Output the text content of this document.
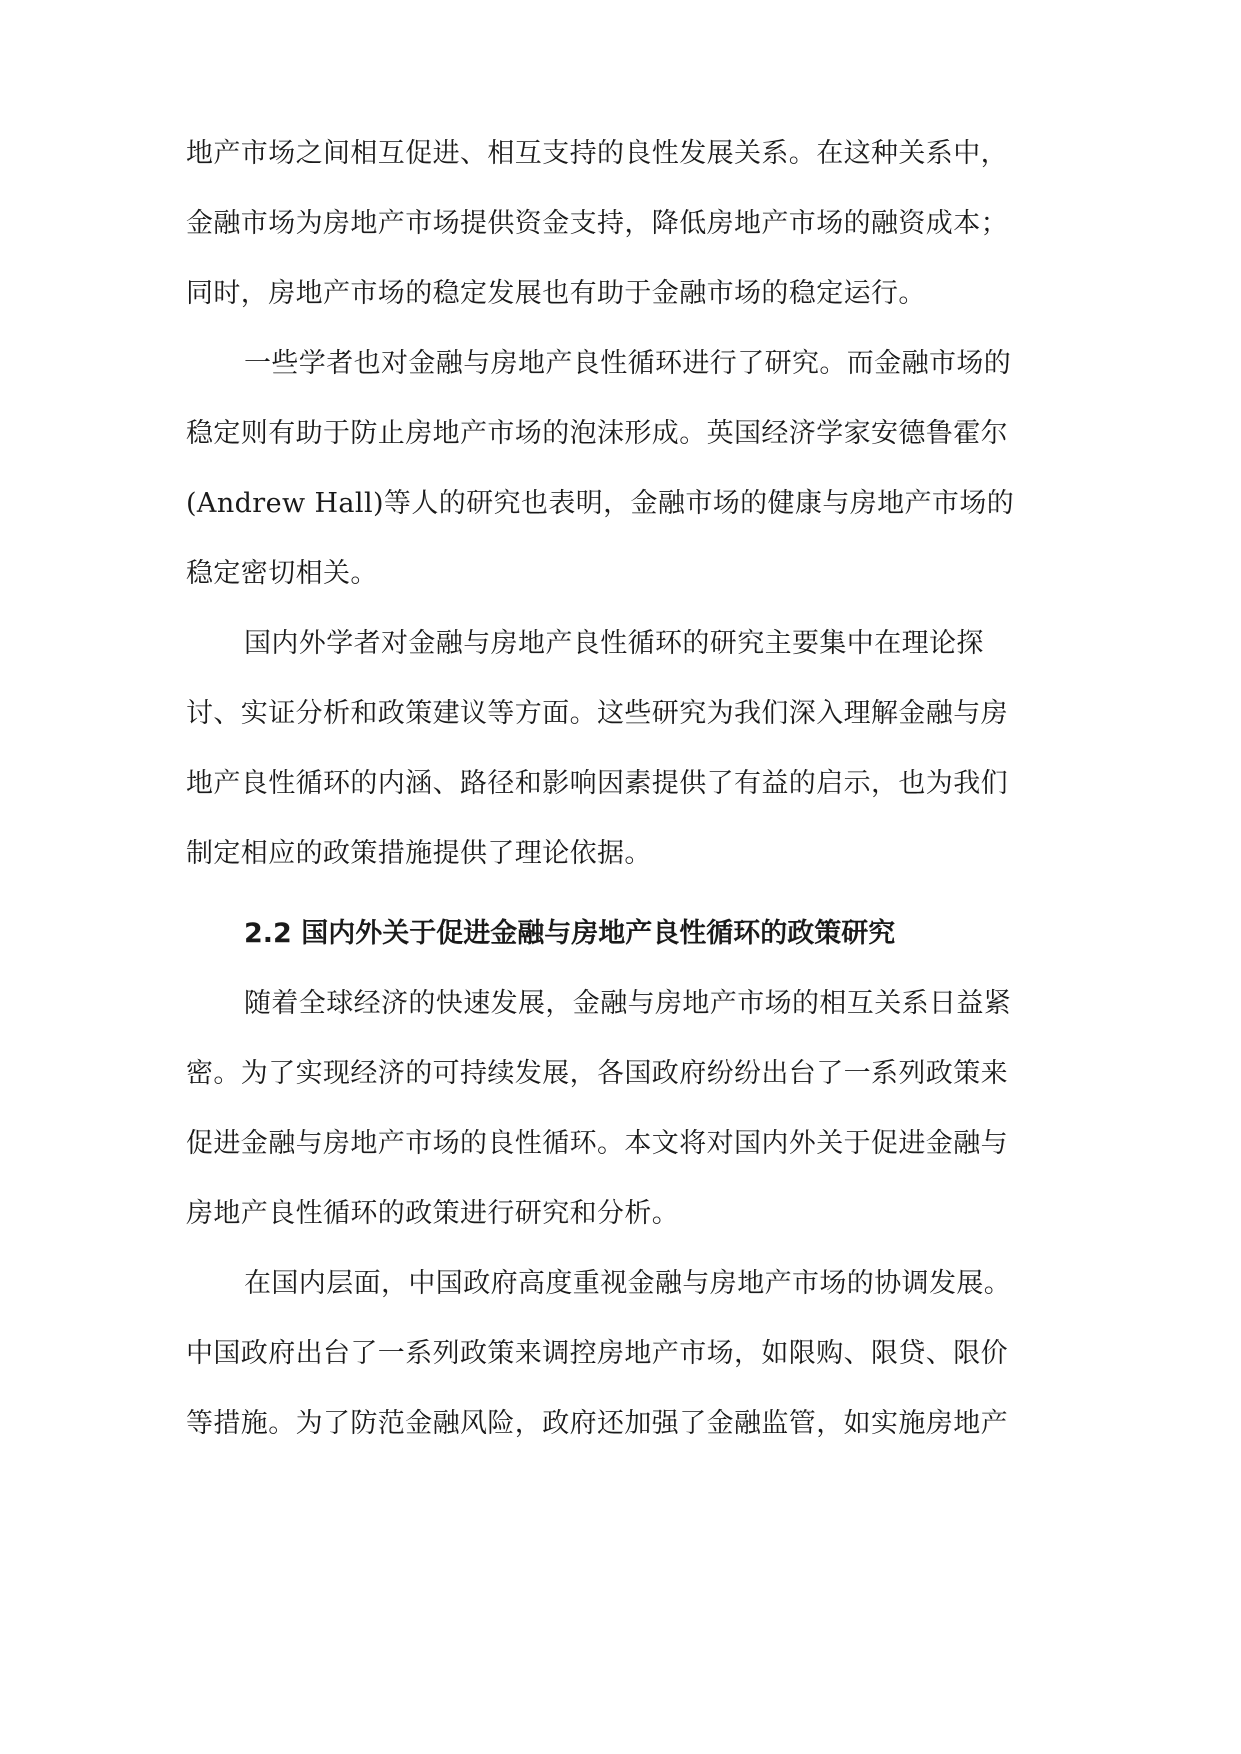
地产市场之间相互促进、相互支持的良性发展关系。在这种关系中，
金融市场为房地产市场提供资金支持，降低房地产市场的融资成本；
同时，房地产市场的稳定发展也有助于金融市场的稳定运行。
一些学者也对金融与房地产良性循环进行了研究。而金融市场的
稳定则有助于防止房地产市场的泡沫形成。英国经济学家安德鲁霍尔
(Andrew Hall)等人的研究也表明，金融市场的健康与房地产市场的
稳定密切相关。
国内外学者对金融与房地产良性循环的研究主要集中在理论探
讨、实证分析和政策建议等方面。这些研究为我们深入理解金融与房
地产良性循环的内涵、路径和影响因素提供了有益的启示，也为我们
制定相应的政策措施提供了理论依据。
2.2 国内外关于促进金融与房地产良性循环的政策研究
随着全球经济的快速发展，金融与房地产市场的相互关系日益紧
密。为了实现经济的可持续发展，各国政府纷纷出台了一系列政策来
促进金融与房地产市场的良性循环。本文将对国内外关于促进金融与
房地产良性循环的政策进行研究和分析。
在国内层面，中国政府高度重视金融与房地产市场的协调发展。
中国政府出台了一系列政策来调控房地产市场，如限购、限贷、限价
等措施。为了防范金融风险，政府还加强了金融监管，如实施房地产
